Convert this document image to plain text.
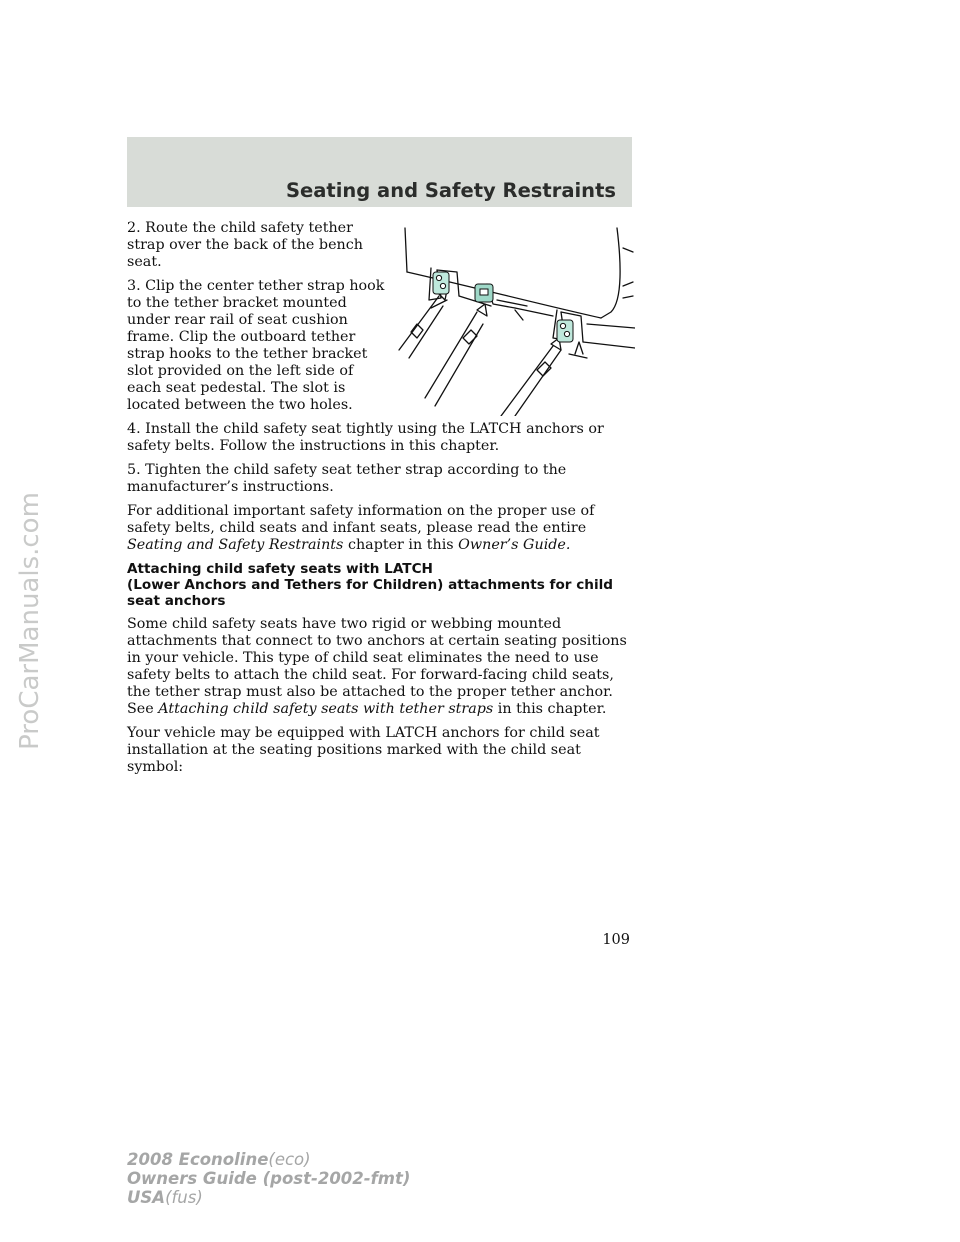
Seating and Safety Restraints
ProCarManuals.com

2. Route the child safety tether strap over the back of the bench seat.

3. Clip the center tether strap hook to the tether bracket mounted under rear rail of seat cushion frame. Clip the outboard tether strap hooks to the tether bracket slot provided on the left side of each seat pedestal. The slot is located between the two holes.

4. Install the child safety seat tightly using the LATCH anchors or safety belts. Follow the instructions in this chapter.

5. Tighten the child safety seat tether strap according to the manufacturer’s instructions.

For additional important safety information on the proper use of safety belts, child seats and infant seats, please read the entire Seating and Safety Restraints chapter in this Owner’s Guide.

Attaching child safety seats with LATCH
(Lower Anchors and Tethers for Children) attachments for child seat anchors

Some child safety seats have two rigid or webbing mounted attachments that connect to two anchors at certain seating positions in your vehicle. This type of child seat eliminates the need to use safety belts to attach the child seat. For forward-facing child seats, the tether strap must also be attached to the proper tether anchor. See Attaching child safety seats with tether straps in this chapter.

Your vehicle may be equipped with LATCH anchors for child seat installation at the seating positions marked with the child seat symbol:

109
2008 Econoline(eco)
Owners Guide (post-2002-fmt)
USA(fus)
